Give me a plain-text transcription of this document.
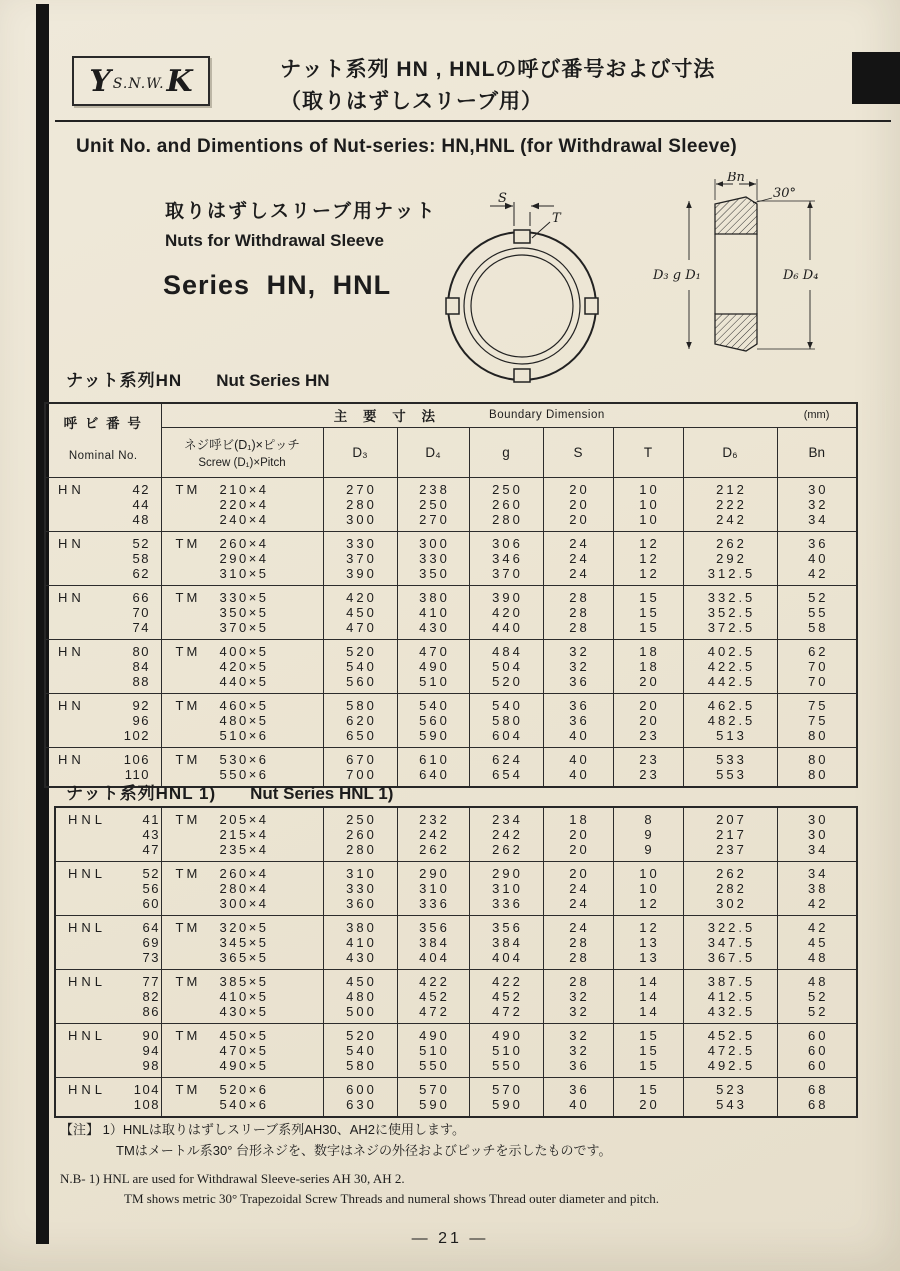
Y S.N.W. K	ナット系列 HN , HNLの呼び番号および寸法
（取りはずしスリーブ用）
Unit No. and Dimentions of Nut-series: HN,HNL (for Withdrawal Sleeve)
取りはずしスリーブ用ナット
Nuts for Withdrawal Sleeve
Series HN, HNL
S
T
Bn
30°
D₃ g D₁	D₆ D₄
ナット系列HN Nut Series HN
呼 ビ 番 号
Nominal No.

主 要 寸 法	Boundary Dimension	(mm)

	ネジ呼ビ(D₁)×ピッチ
Screw (D₁)×Pitch	D₃	D₄	g	S	T	D₆	Bn
HN 42	TM 210×4	270	238	250	20	10	212	30
44	220×4	280	250	260	20	10	222	32
48	240×4	300	270	280	20	10	242	34
HN 52	TM 260×4	330	300	306	24	12	262	36
58	290×4	370	330	346	24	12	292	40
62	310×5	390	350	370	24	12	312.5	42
HN 66	TM 330×5	420	380	390	28	15	332.5	52
70	350×5	450	410	420	28	15	352.5	55
74	370×5	470	430	440	28	15	372.5	58
HN 80	TM 400×5	520	470	484	32	18	402.5	62
84	420×5	540	490	504	32	18	422.5	70
88	440×5	560	510	520	36	20	442.5	70
HN 92	TM 460×5	580	540	540	36	20	462.5	75
96	480×5	620	560	580	36	20	482.5	75
102	510×6	650	590	604	40	23	513	80
HN 106	TM 530×6	670	610	624	40	23	533	80
110	550×6	700	640	654	40	23	553	80
ナット系列HNL 1) Nut Series HNL 1)
HNL 41	TM 205×4	250	232	234	18	8	207	30
43	215×4	260	242	242	20	9	217	30
47	235×4	280	262	262	20	9	237	34
HNL 52	TM 260×4	310	290	290	20	10	262	34
56	280×4	330	310	310	24	10	282	38
60	300×4	360	336	336	24	12	302	42
HNL 64	TM 320×5	380	356	356	24	12	322.5	42
69	345×5	410	384	384	28	13	347.5	45
73	365×5	430	404	404	28	13	367.5	48
HNL 77	TM 385×5	450	422	422	28	14	387.5	48
82	410×5	480	452	452	32	14	412.5	52
86	430×5	500	472	472	32	14	432.5	52
HNL 90	TM 450×5	520	490	490	32	15	452.5	60
94	470×5	540	510	510	32	15	472.5	60
98	490×5	580	550	550	36	15	492.5	60
HNL 104	TM 520×6	600	570	570	36	15	523	68
108	540×6	630	590	590	40	20	543	68
【注】 1）HNLは取りはずしスリーブ系列AH30、AH2に使用します。
TMはメートル系30° 台形ネジを、数字はネジの外径およびピッチを示したものです。
N.B- 1) HNL are used for Withdrawal Sleeve-series AH 30, AH 2.
TM shows metric 30° Trapezoidal Screw Threads and numeral shows Thread outer diameter and pitch.
— 21 —
